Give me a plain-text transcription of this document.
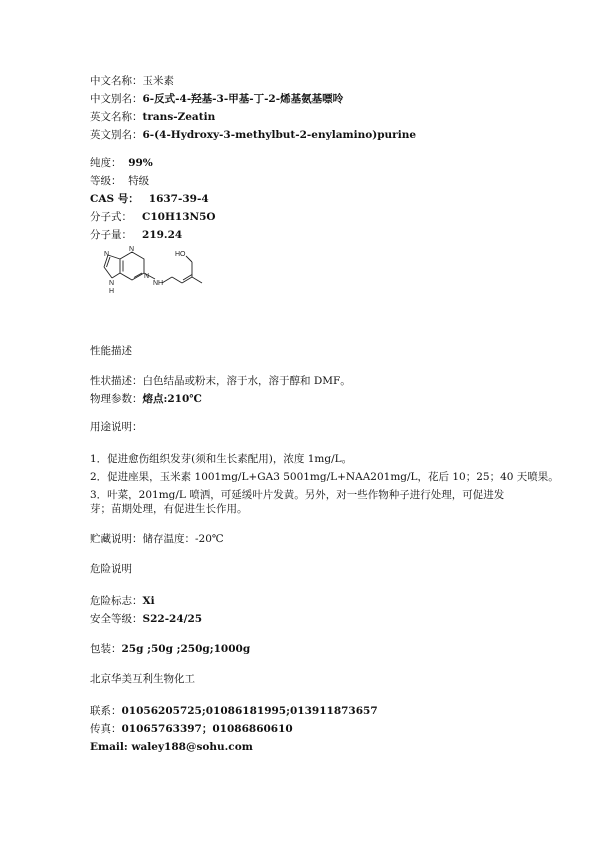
中文名称：玉米素
中文别名：6-反式-4-羟基-3-甲基-丁-2-烯基氨基嘌呤
英文名称：trans-Zeatin
英文别名：6-(4-Hydroxy-3-methylbut-2-enylamino)purine
纯度： 99%
等级： 特级
CAS 号： 1637-39-4
分子式： C10H13N5O
分子量： 219.24
N
N
N
N
H
NH
HO
性能描述
性状描述：白色结晶或粉末，溶于水，溶于醇和 DMF。
物理参数：熔点:210℃
用途说明：
1．促进愈伤组织发芽(须和生长素配用)，浓度 1mg/L。
2．促进座果，玉米素 1001mg/L+GA3 5001mg/L+NAA201mg/L，花后 10；25；40 天喷果。
3．叶菜，201mg/L 喷洒，可延缓叶片发黄。另外，对一些作物种子进行处理，可促进发芽；苗期处理，有促进生长作用。
贮藏说明：储存温度：-20℃
危险说明
危险标志：Xi
安全等级：S22-24/25
包装：25g ;50g ;250g;1000g
北京华美互利生物化工
联系：01056205725;01086181995;013911873657
传真：01065763397；01086860610
Email: waley188@sohu.com
